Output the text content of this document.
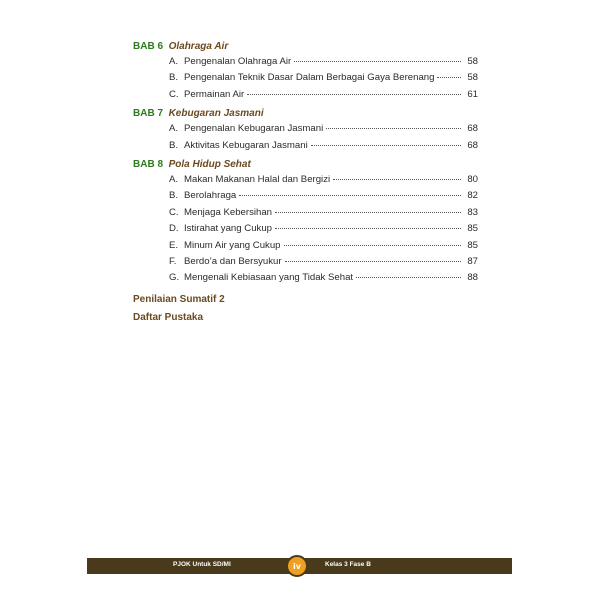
BAB 6 Olahraga Air
A. Pengenalan Olahraga Air	58
B. Pengenalan Teknik Dasar Dalam Berbagai Gaya Berenang	58
C. Permainan Air	61
BAB 7 Kebugaran Jasmani
A. Pengenalan Kebugaran Jasmani	68
B. Aktivitas Kebugaran Jasmani	68
BAB 8 Pola Hidup Sehat
A. Makan Makanan Halal dan Bergizi	80
B. Berolahraga	82
C. Menjaga Kebersihan	83
D. Istirahat yang Cukup	85
E. Minum Air yang Cukup	85
F. Berdo’a dan Bersyukur	87
G. Mengenali Kebiasaan yang Tidak Sehat	88
Penilaian Sumatif 2
Daftar Pustaka
PJOK Untuk SD/MI	iv	Kelas 3 Fase B
